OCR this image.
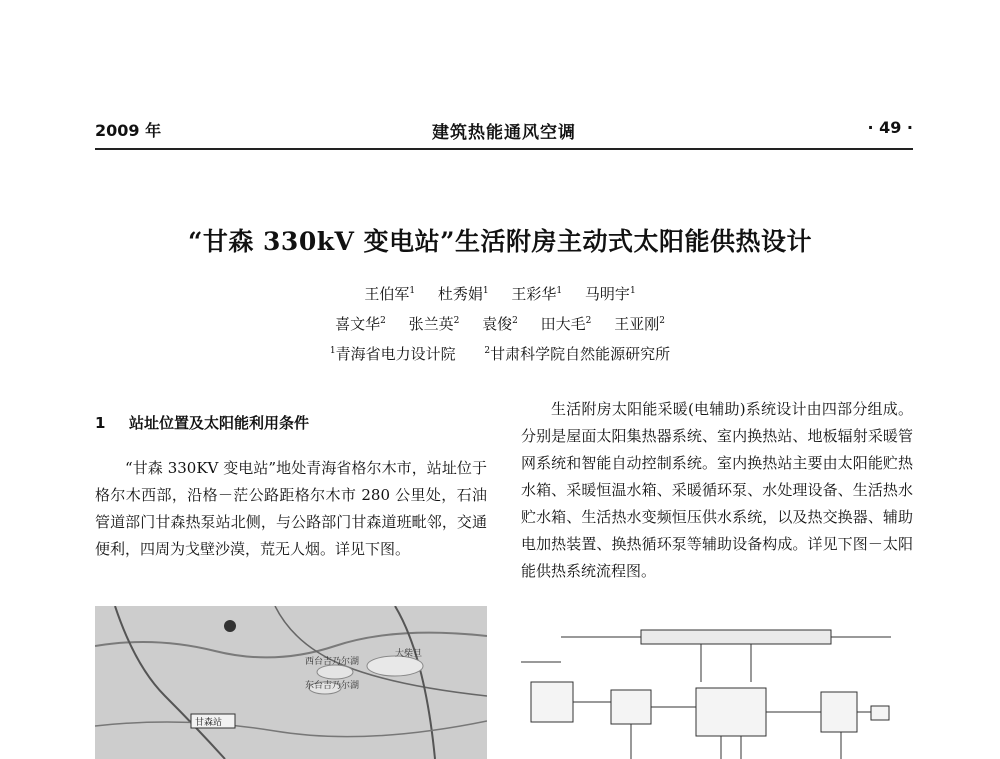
2009 年	建筑热能通风空调	· 49 ·
“甘森 330kV 变电站”生活附房主动式太阳能供热设计
王伯军$^1$ 杜秀娟$^1$ 王彩华$^1$ 马明宇$^1$
喜文华$^2$ 张兰英$^2$ 袁俊$^2$ 田大毛$^2$ 王亚刚$^2$
$^1$青海省电力设计院	$^2$甘肃科学院自然能源研究所
1 站址位置及太阳能利用条件

“甘森 330KV 变电站”地处青海省格尔木市，站址位于格尔木西部，沿格－茫公路距格尔木市 280 公里处，石油管道部门甘森热泵站北侧，与公路部门甘森道班毗邻，交通便利，四周为戈壁沙漠，荒无人烟。详见下图。

生活附房太阳能采暖(电辅助)系统设计由四部分组成。分别是屋面太阳集热器系统、室内换热站、地板辐射采暖管网系统和智能自动控制系统。室内换热站主要由太阳能贮热水箱、采暖恒温水箱、采暖循环泵、水处理设备、生活热水贮水箱、生活热水变频恒压供水系统，以及热交换器、辅助电加热装置、换热循环泵等辅助设备构成。详见下图－太阳能供热系统流程图。

西台吉乃尔湖
东台吉乃尔湖
大柴旦
甘森站
